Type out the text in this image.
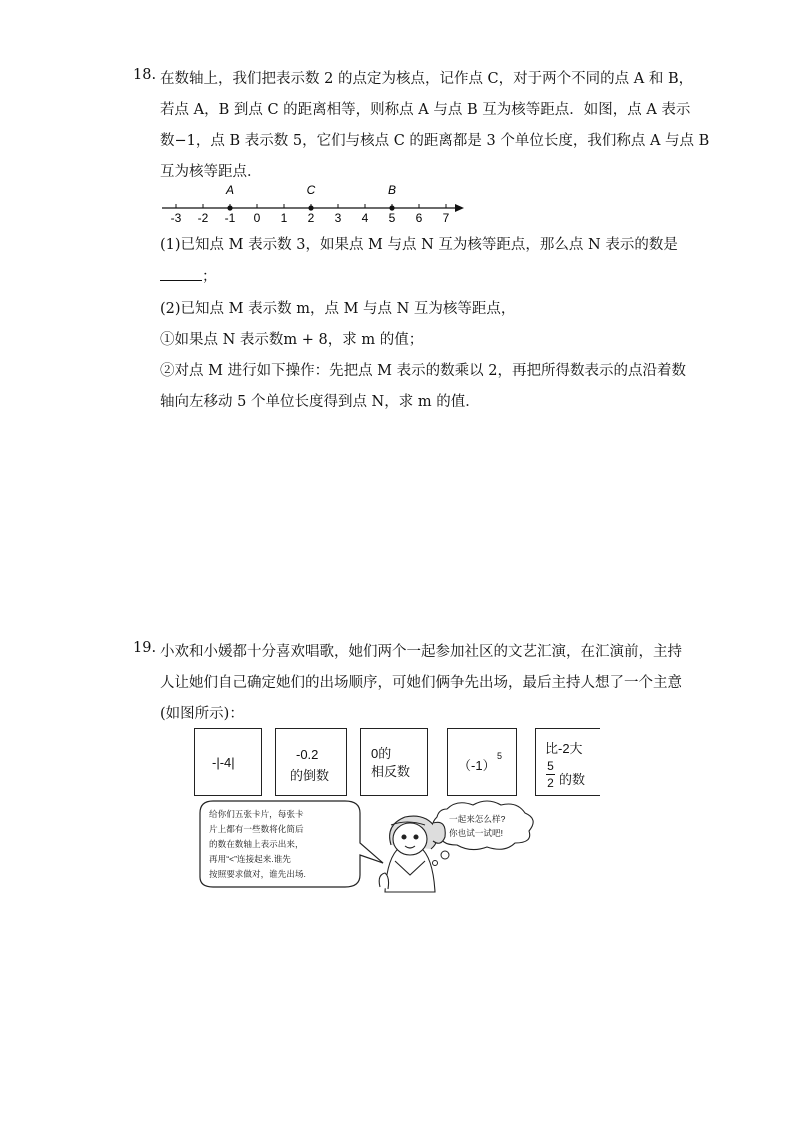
18. 在数轴上，我们把表示数 2 的点定为核点，记作点 C，对于两个不同的点 A 和 B，
若点 A，B 到点 C 的距离相等，则称点 A 与点 B 互为核等距点．如图，点 A 表示
数−1，点 B 表示数 5，它们与核点 C 的距离都是 3 个单位长度，我们称点 A 与点 B
互为核等距点．
-3 -2 -1 0 1 2 3 4 5 6 7
A	C	B
(1)已知点 M 表示数 3，如果点 M 与点 N 互为核等距点，那么点 N 表示的数是
；
(2)已知点 M 表示数 m，点 M 与点 N 互为核等距点，
①如果点 N 表示数m + 8，求 m 的值；
②对点 M 进行如下操作：先把点 M 表示的数乘以 2，再把所得数表示的点沿着数
轴向左移动 5 个单位长度得到点 N，求 m 的值．
19. 小欢和小媛都十分喜欢唱歌，她们两个一起参加社区的文艺汇演，在汇演前，主持
人让她们自己确定她们的出场顺序，可她们俩争先出场，最后主持人想了一个主意
(如图所示)：
-|-4|
-0.2
的倒数
0的
相反数	（-1）
5	比-2大
5
2 的数
给你们五张卡片，每张卡
片上都有一些数将化简后
的数在数轴上表示出来，
再用“<”连接起来.谁先
按照要求做对，谁先出场.
一起来怎么样?
你也试一试吧!
